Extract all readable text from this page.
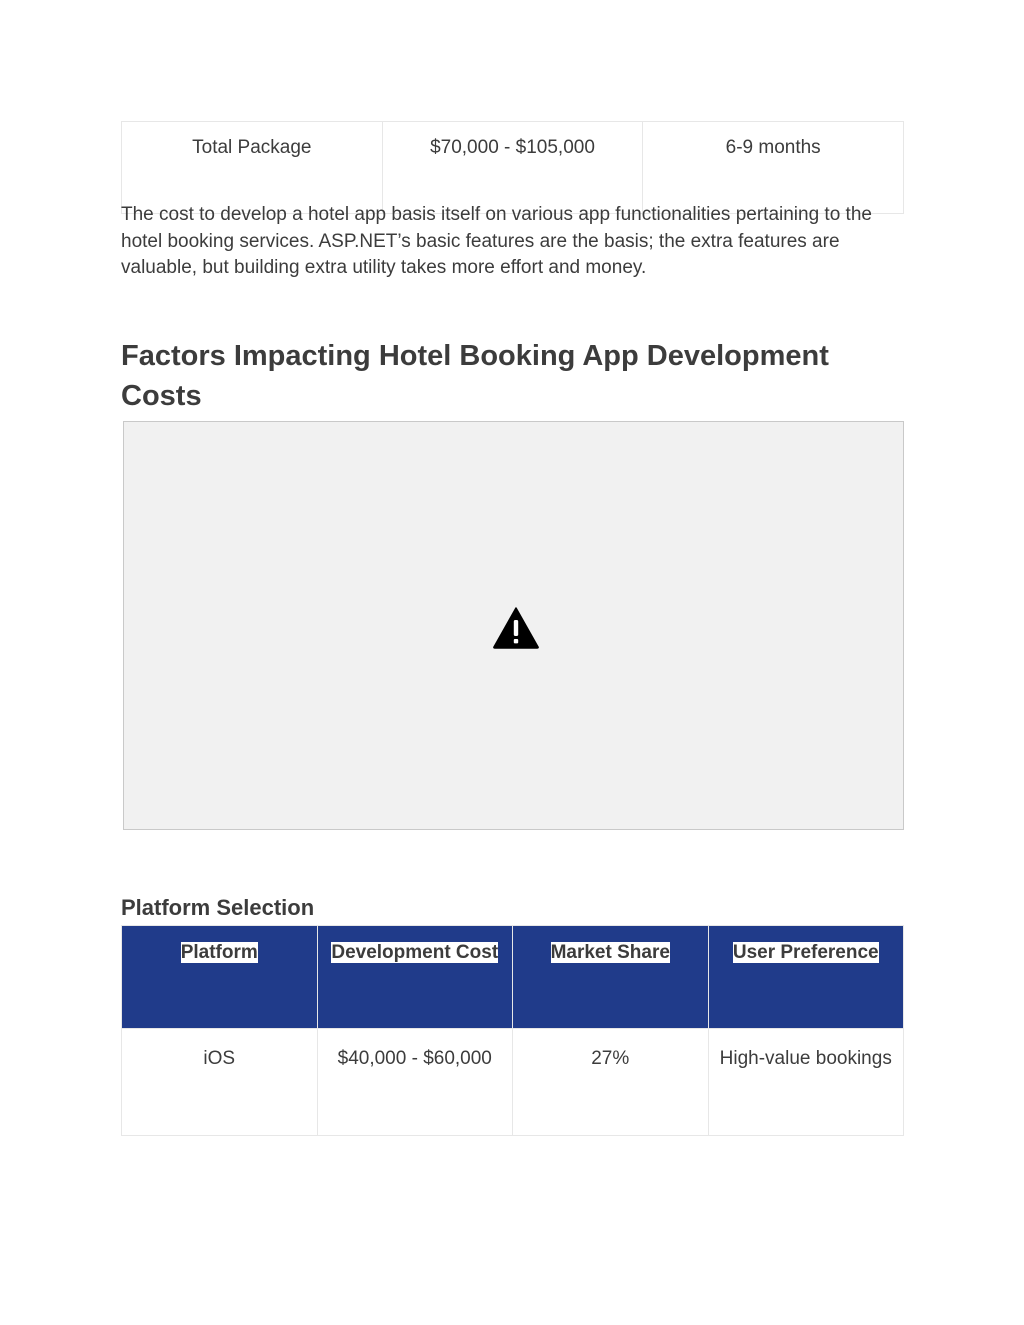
Total Package	$70,000 - $105,000	6-9 months

The cost to develop a hotel app basis itself on various app functionalities pertaining to the hotel booking services. ASP.NET’s basic features are the basis; the extra features are valuable, but building extra utility takes more effort and money.

Factors Impacting Hotel Booking App Development Costs
Platform Selection
Platform	Development Cost	Market Share	User Preference
iOS	$40,000 - $60,000	27%	High-value bookings
